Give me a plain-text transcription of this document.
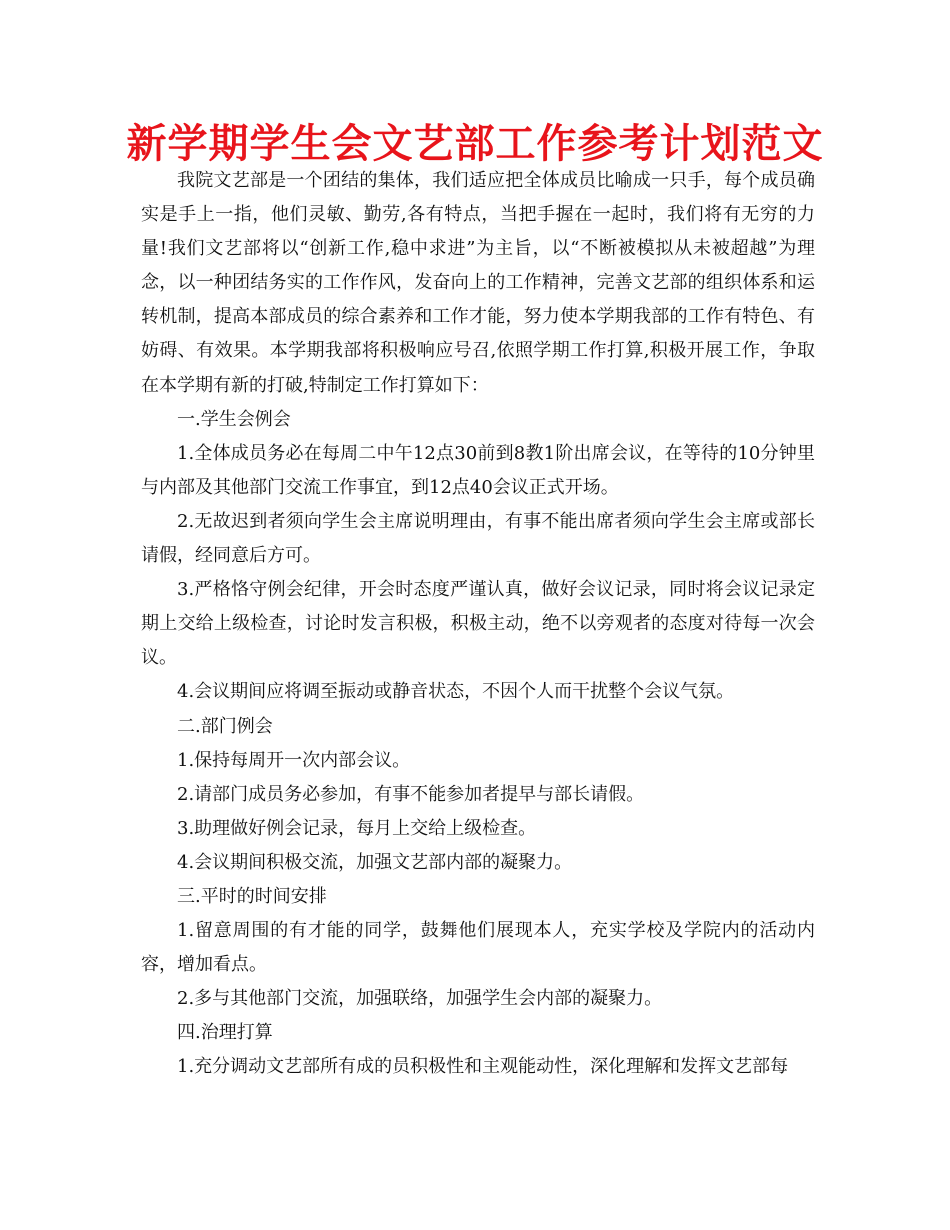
新学期学生会文艺部工作参考计划范文

我院文艺部是一个团结的集体，我们适应把全体成员比喻成一只手，每个成员确实是手上一指，他们灵敏、勤劳,各有特点，当把手握在一起时，我们将有无穷的力量!我们文艺部将以“创新工作,稳中求进”为主旨，以“不断被模拟从未被超越”为理念，以一种团结务实的工作作风，发奋向上的工作精神，完善文艺部的组织体系和运转机制，提高本部成员的综合素养和工作才能，努力使本学期我部的工作有特色、有妨碍、有效果。本学期我部将积极响应号召,依照学期工作打算,积极开展工作，争取在本学期有新的打破,特制定工作打算如下：

一.学生会例会

1.全体成员务必在每周二中午12点30前到8教1阶出席会议，在等待的10分钟里与内部及其他部门交流工作事宜，到12点40会议正式开场。

2.无故迟到者须向学生会主席说明理由，有事不能出席者须向学生会主席或部长请假，经同意后方可。

3.严格恪守例会纪律，开会时态度严谨认真，做好会议记录，同时将会议记录定期上交给上级检查，讨论时发言积极，积极主动，绝不以旁观者的态度对待每一次会议。

4.会议期间应将调至振动或静音状态，不因个人而干扰整个会议气氛。

二.部门例会

1.保持每周开一次内部会议。

2.请部门成员务必参加，有事不能参加者提早与部长请假。

3.助理做好例会记录，每月上交给上级检查。

4.会议期间积极交流，加强文艺部内部的凝聚力。

三.平时的时间安排

1.留意周围的有才能的同学，鼓舞他们展现本人，充实学校及学院内的活动内容，增加看点。

2.多与其他部门交流，加强联络，加强学生会内部的凝聚力。

四.治理打算

1.充分调动文艺部所有成的员积极性和主观能动性，深化理解和发挥文艺部每
